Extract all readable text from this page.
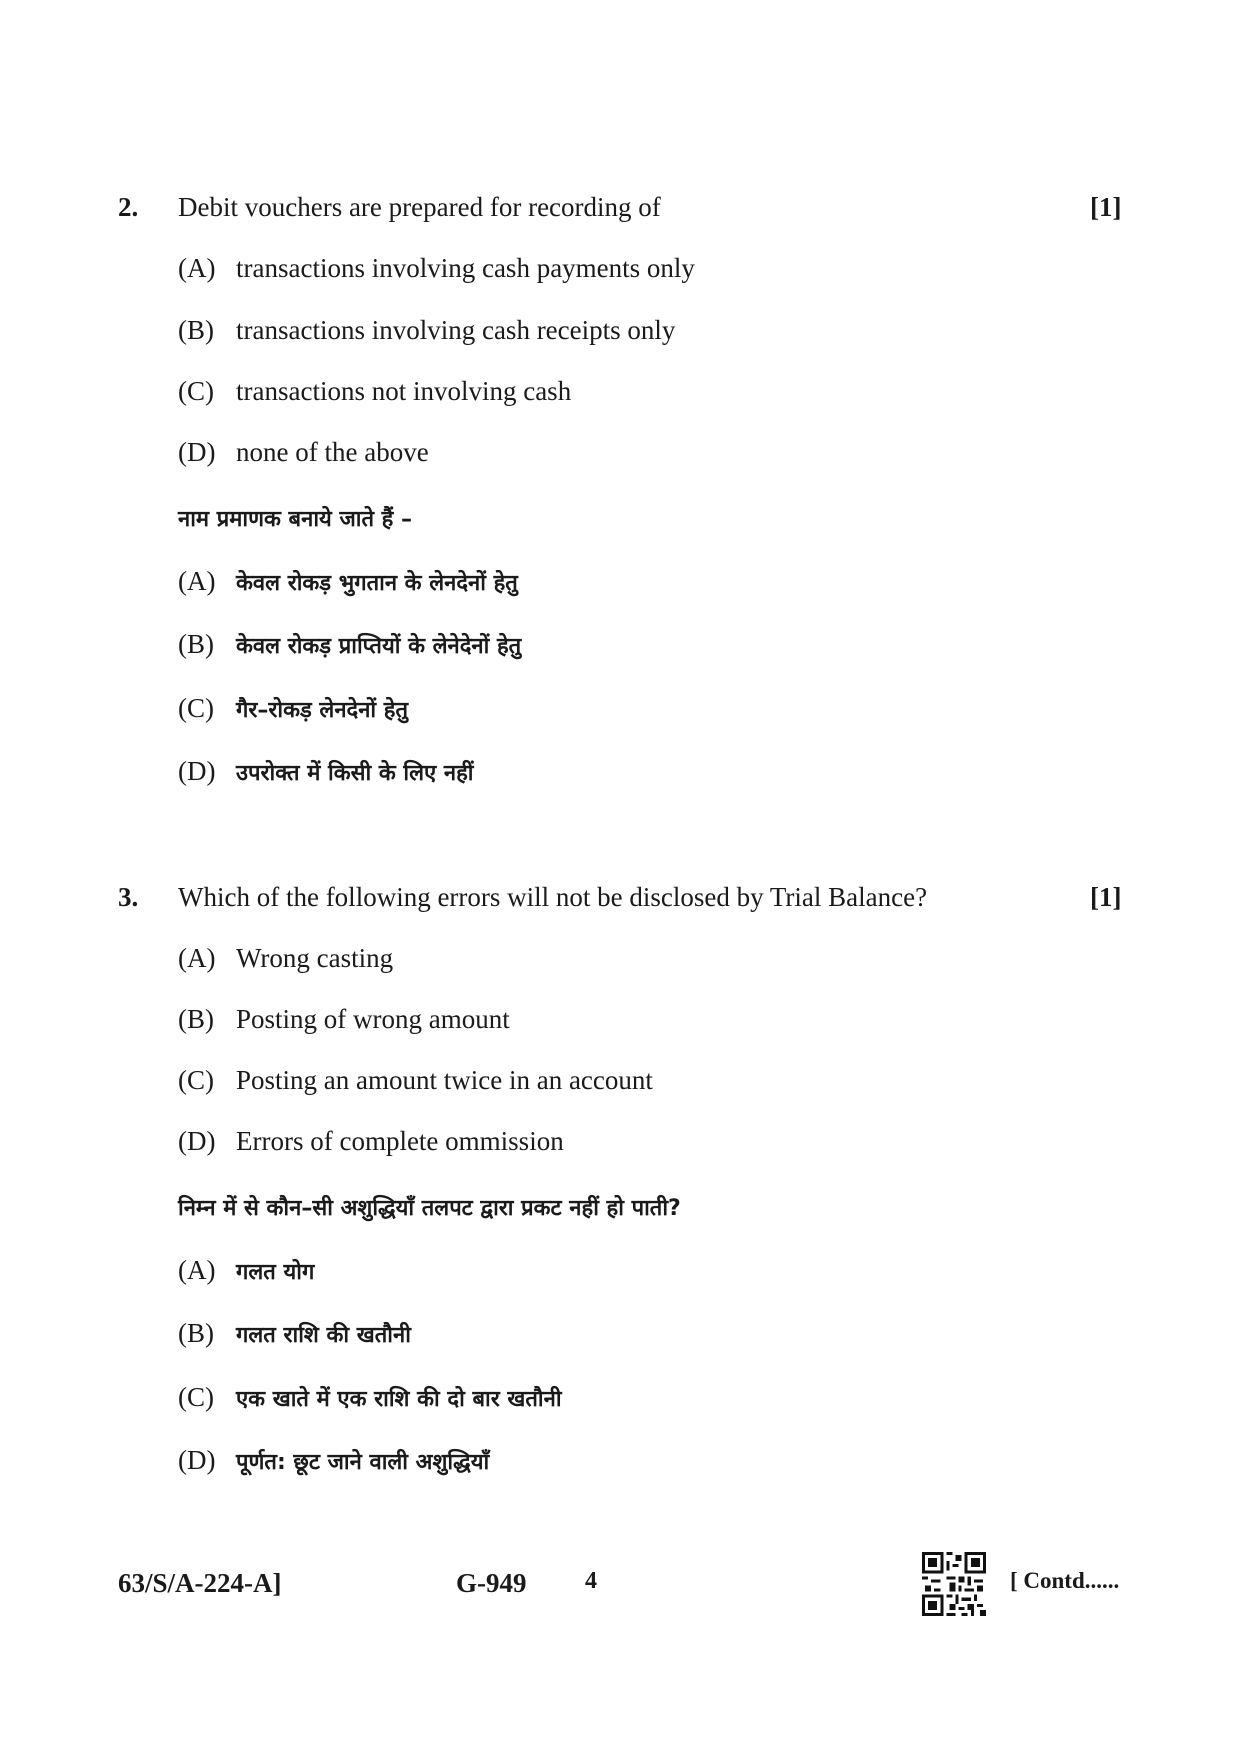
2. Debit vouchers are prepared for recording of	[1]
(A) transactions involving cash payments only
(B) transactions involving cash receipts only
(C) transactions not involving cash
(D) none of the above
नाम प्रमाणक बनाये जाते हैं –
(A) केवल रोकड़ भुगतान के लेनदेनों हेतु
(B) केवल रोकड़ प्राप्तियों के लेनेदेनों हेतु
(C) गैर–रोकड़ लेनदेनों हेतु
(D) उपरोक्त में किसी के लिए नहीं
3. Which of the following errors will not be disclosed by Trial Balance?	[1]
(A) Wrong casting
(B) Posting of wrong amount
(C) Posting an amount twice in an account
(D) Errors of complete ommission
निम्न में से कौन–सी अशुद्धियाँ तलपट द्वारा प्रकट नहीं हो पाती?
(A) गलत योग
(B) गलत राशि की खतौनी
(C) एक खाते में एक राशि की दो बार खतौनी
(D) पूर्णत: छूट जाने वाली अशुद्धियाँ
63/S/A-224-A]	G-949 4	[ Contd......
